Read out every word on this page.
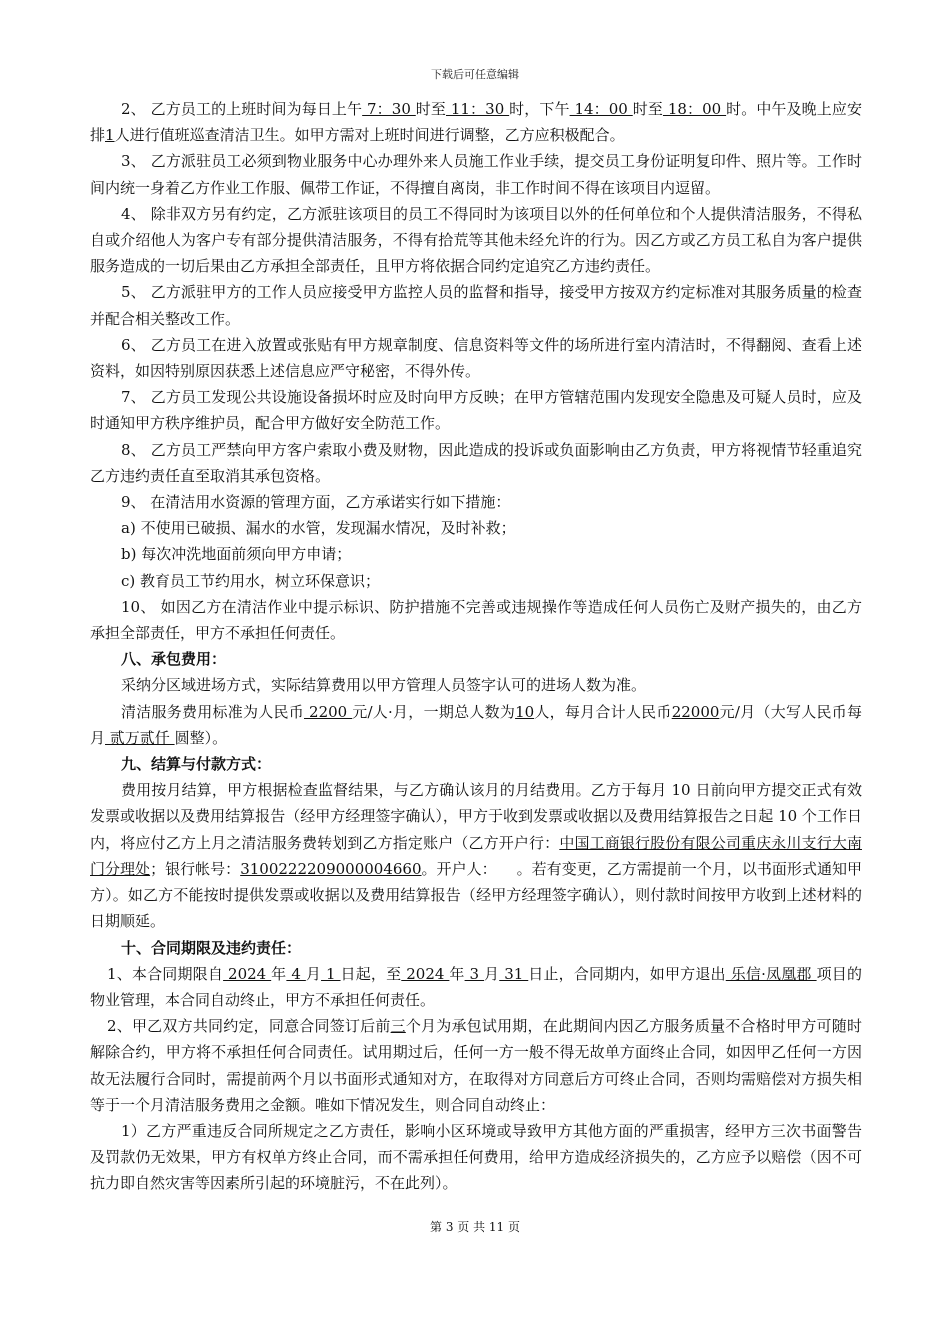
下载后可任意编辑

2、 乙方员工的上班时间为每日上午 7：30 时至 11：30 时，下午 14：00 时至 18：00 时。中午及晚上应安排1人进行值班巡查清洁卫生。如甲方需对上班时间进行调整，乙方应积极配合。

3、 乙方派驻员工必须到物业服务中心办理外来人员施工作业手续，提交员工身份证明复印件、照片等。工作时间内统一身着乙方作业工作服、佩带工作证，不得擅自离岗，非工作时间不得在该项目内逗留。

4、 除非双方另有约定，乙方派驻该项目的员工不得同时为该项目以外的任何单位和个人提供清洁服务，不得私自或介绍他人为客户专有部分提供清洁服务，不得有拾荒等其他未经允许的行为。因乙方或乙方员工私自为客户提供服务造成的一切后果由乙方承担全部责任，且甲方将依据合同约定追究乙方违约责任。

5、 乙方派驻甲方的工作人员应接受甲方监控人员的监督和指导，接受甲方按双方约定标准对其服务质量的检查并配合相关整改工作。

6、 乙方员工在进入放置或张贴有甲方规章制度、信息资料等文件的场所进行室内清洁时，不得翻阅、查看上述资料，如因特别原因获悉上述信息应严守秘密，不得外传。

7、 乙方员工发现公共设施设备损坏时应及时向甲方反映；在甲方管辖范围内发现安全隐患及可疑人员时，应及时通知甲方秩序维护员，配合甲方做好安全防范工作。

8、 乙方员工严禁向甲方客户索取小费及财物，因此造成的投诉或负面影响由乙方负责，甲方将视情节轻重追究乙方违约责任直至取消其承包资格。

9、 在清洁用水资源的管理方面，乙方承诺实行如下措施：

a) 不使用已破损、漏水的水管，发现漏水情况，及时补救；

b) 每次冲洗地面前须向甲方申请；

c) 教育员工节约用水，树立环保意识；

10、 如因乙方在清洁作业中提示标识、防护措施不完善或违规操作等造成任何人员伤亡及财产损失的，由乙方承担全部责任，甲方不承担任何责任。

八、承包费用：

采纳分区域进场方式，实际结算费用以甲方管理人员签字认可的进场人数为准。

清洁服务费用标准为人民币 2200 元/人·月，一期总人数为10人，每月合计人民币22000元/月（大写人民币每月 贰万贰仟 圆整）。

九、结算与付款方式：

费用按月结算，甲方根据检查监督结果，与乙方确认该月的月结费用。乙方于每月 10 日前向甲方提交正式有效发票或收据以及费用结算报告（经甲方经理签字确认），甲方于收到发票或收据以及费用结算报告之日起 10 个工作日内，将应付乙方上月之清洁服务费转划到乙方指定账户（乙方开户行：中国工商银行股份有限公司重庆永川支行大南门分理处；银行帐号：3100222209000004660。开户人： 。若有变更，乙方需提前一个月，以书面形式通知甲方）。如乙方不能按时提供发票或收据以及费用结算报告（经甲方经理签字确认），则付款时间按甲方收到上述材料的日期顺延。

十、合同期限及违约责任：

1、本合同期限自 2024 年 4 月 1 日起，至 2024 年 3 月 31 日止，合同期内，如甲方退出 乐信·凤凰郡 项目的物业管理，本合同自动终止，甲方不承担任何责任。

2、甲乙双方共同约定，同意合同签订后前三个月为承包试用期，在此期间内因乙方服务质量不合格时甲方可随时解除合约，甲方将不承担任何合同责任。试用期过后，任何一方一般不得无故单方面终止合同，如因甲乙任何一方因故无法履行合同时，需提前两个月以书面形式通知对方，在取得对方同意后方可终止合同，否则均需赔偿对方损失相等于一个月清洁服务费用之金额。唯如下情况发生，则合同自动终止：

1）乙方严重违反合同所规定之乙方责任，影响小区环境或导致甲方其他方面的严重损害，经甲方三次书面警告及罚款仍无效果，甲方有权单方终止合同，而不需承担任何费用，给甲方造成经济损失的，乙方应予以赔偿（因不可抗力即自然灾害等因素所引起的环境脏污，不在此列）。

第 3 页 共 11 页
